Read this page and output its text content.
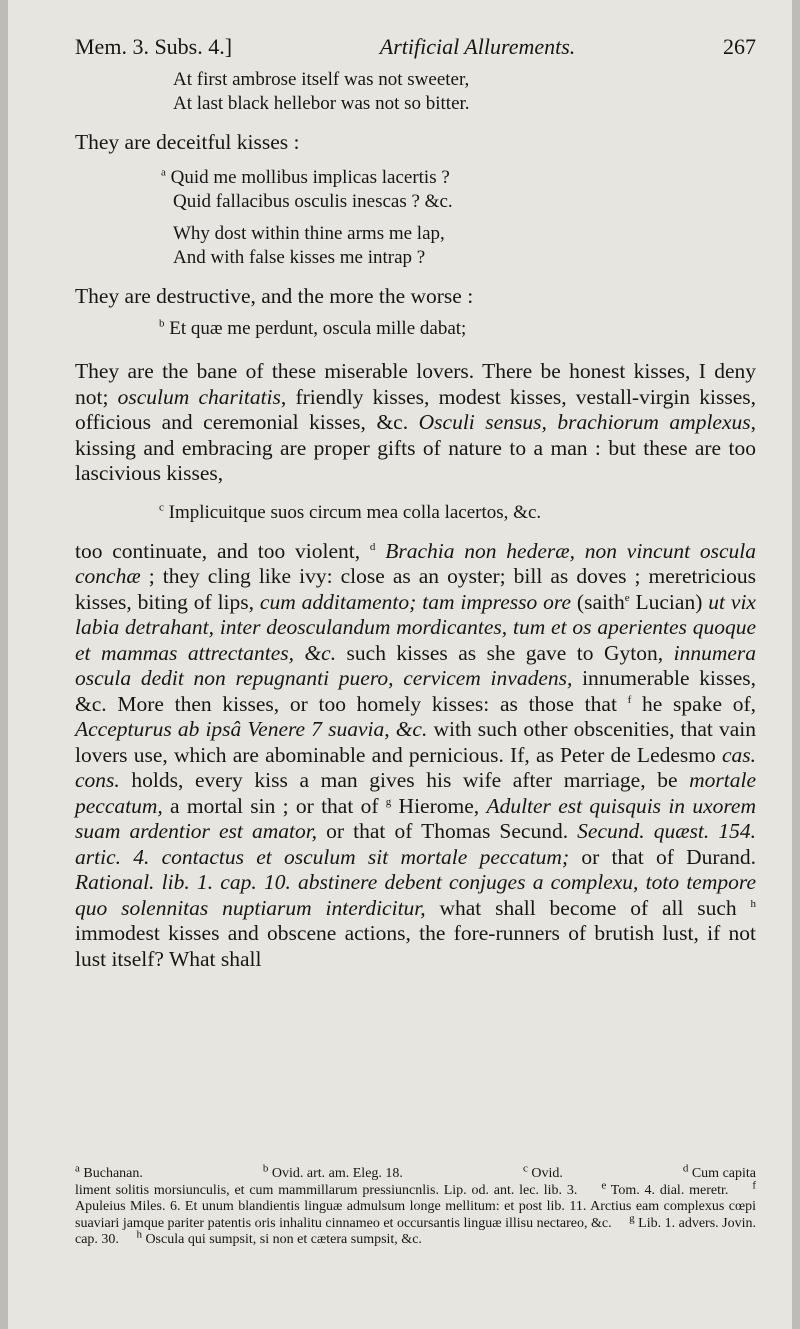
Mem. 3. Subs. 4.]	Artificial Allurements.	267
At first ambrose itself was not sweeter,
At last black hellebor was not so bitter.
They are deceitful kisses :
$^a$ Quid me mollibus implicas lacertis ?
Quid fallacibus osculis inescas ? &c.
Why dost within thine arms me lap,
And with false kisses me intrap ?
They are destructive, and the more the worse :
$^b$ Et quæ me perdunt, oscula mille dabat;

They are the bane of these miserable lovers. There be honest kisses, I deny not; osculum charitatis, friendly kisses, modest kisses, vestall-virgin kisses, officious and ceremonial kisses, &c. Osculi sensus, brachiorum amplexus, kissing and embracing are proper gifts of nature to a man : but these are too lascivious kisses,

$^c$ Implicuitque suos circum mea colla lacertos, &c.

too continuate, and too violent, $^d$ Brachia non hederæ, non vincunt oscula conchæ ; they cling like ivy: close as an oyster; bill as doves ; meretricious kisses, biting of lips, cum additamento; tam impresso ore (saith$^e$ Lucian) ut vix labia detrahant, inter deosculandum mordicantes, tum et os aperientes quoque et mammas attrectantes, &c. such kisses as she gave to Gyton, innumera oscula dedit non repugnanti puero, cervicem invadens, innumerable kisses, &c. More then kisses, or too homely kisses: as those that $^f$ he spake of, Accepturus ab ipsâ Venere 7 suavia, &c. with such other obscenities, that vain lovers use, which are abominable and pernicious. If, as Peter de Ledesmo cas. cons. holds, every kiss a man gives his wife after marriage, be mortale peccatum, a mortal sin ; or that of $^g$ Hierome, Adulter est quisquis in uxorem suam ardentior est amator, or that of Thomas Secund. Secund. quæst. 154. artic. 4. contactus et osculum sit mortale peccatum; or that of Durand. Rational. lib. 1. cap. 10. abstinere debent conjuges a complexu, toto tempore quo solennitas nuptiarum interdicitur, what shall become of all such $^h$ immodest kisses and obscene actions, the fore-runners of brutish lust, if not lust itself? What shall

$^a$ Buchanan.	$^b$ Ovid. art. am. Eleg. 18.	$^c$ Ovid.	$^d$ Cum capita
liment solitis morsiunculis, et cum mammillarum pressiuncnlis. Lip. od. ant. lec. lib. 3. $^e$ Tom. 4. dial. meretr. $^f$ Apuleius Miles. 6. Et unum blandientis linguæ admulsum longe mellitum: et post lib. 11. Arctius eam complexus cœpi suaviari jamque pariter patentis oris inhalitu cinnameo et occursantis linguæ illisu nectareo, &c. $^g$ Lib. 1. advers. Jovin. cap. 30. $^h$ Oscula qui sumpsit, si non et cætera sumpsit, &c.
